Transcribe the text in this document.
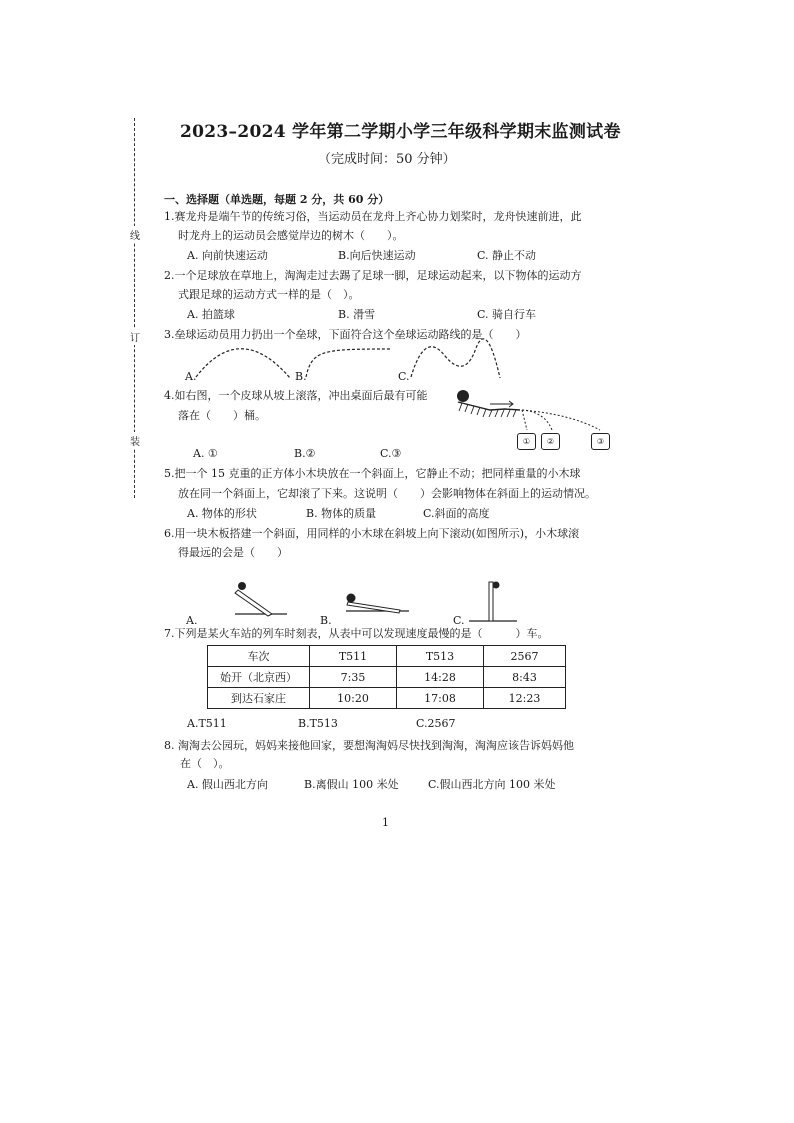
线
订
装
2023–2024 学年第二学期小学三年级科学期末监测试卷
（完成时间：50 分钟）
一、选择题（单选题，每题 2 分，共 60 分）
1.赛龙舟是端午节的传统习俗，当运动员在龙舟上齐心协力划桨时，龙舟快速前进，此
时龙舟上的运动员会感觉岸边的树木（　　）。
A. 向前快速运动	B.向后快速运动	C. 静止不动
2.一个足球放在草地上，淘淘走过去踢了足球一脚，足球运动起来，以下物体的运动方
式跟足球的运动方式一样的是（　）。
A. 拍篮球	B. 滑雪	C. 骑自行车
3.垒球运动员用力扔出一个垒球，下面符合这个垒球运动路线的是（　　）
A.	B.	C.
4.如右图，一个皮球从坡上滚落，冲出桌面后最有可能
落在（　　）桶。
A. ①	B.②	C.③
①	②	③
5.把一个 15 克重的正方体小木块放在一个斜面上，它静止不动；把同样重量的小木球
放在同一个斜面上，它却滚了下来。这说明（　　）会影响物体在斜面上的运动情况。
A. 物体的形状	B. 物体的质量	C.斜面的高度
6.用一块木板搭建一个斜面，用同样的小木球在斜坡上向下滚动(如图所示)，小木球滚
得最远的会是（　　）
A.	B.	C.
7.下列是某火车站的列车时刻表，从表中可以发现速度最慢的是（　　　）车。
车次	T511	T513	2567
始开（北京西）	7:35	14:28	8:43
到达石家庄	10:20	17:08	12:23
A.T511	B.T513	C.2567
8. 淘淘去公园玩，妈妈来接他回家，要想淘淘妈尽快找到淘淘，淘淘应该告诉妈妈他
在（　）。
A. 假山西北方向	B.离假山 100 米处	C.假山西北方向 100 米处
1
